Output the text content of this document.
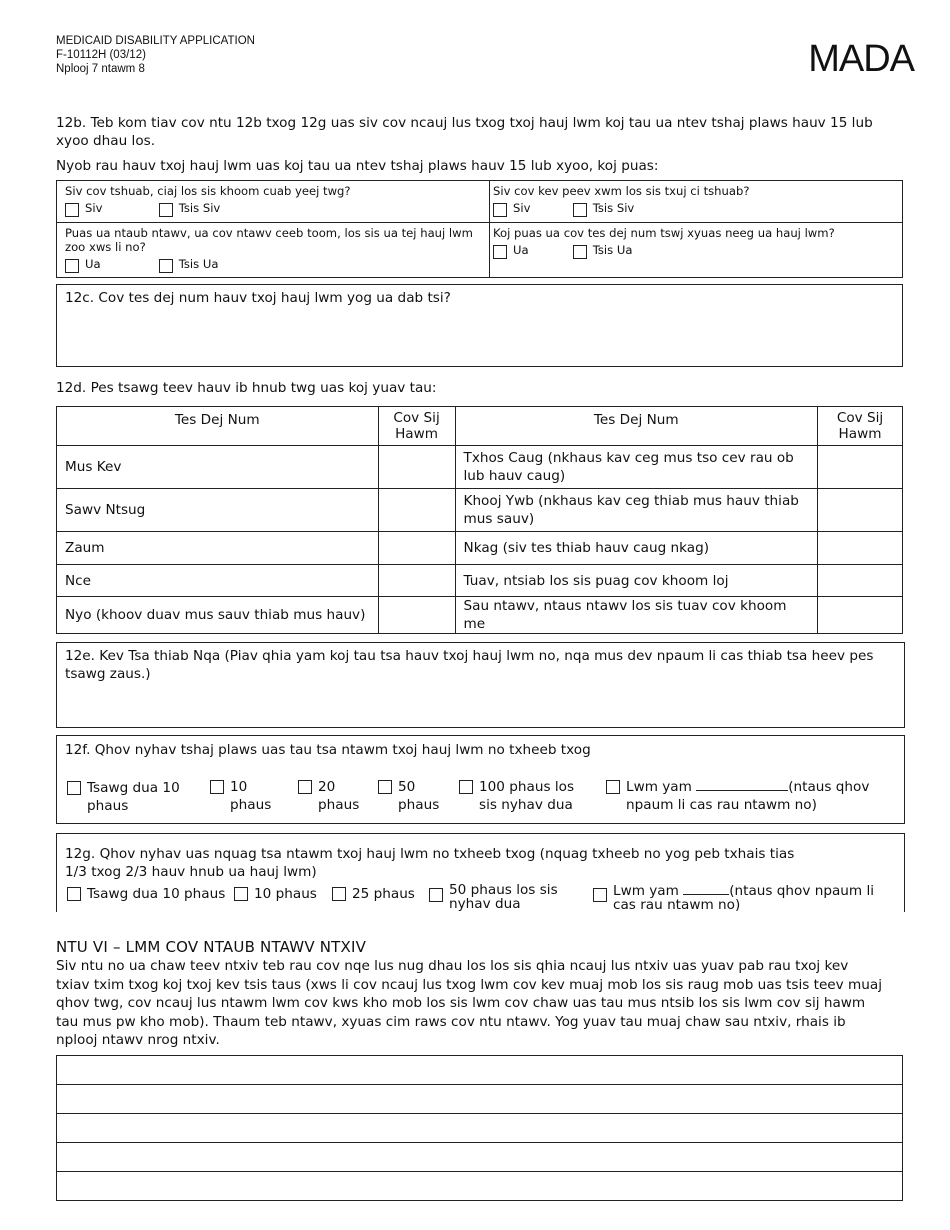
MEDICAID DISABILITY APPLICATION
F-10112H (03/12)
Nplooj 7 ntawm 8	MADA
12b. Teb kom tiav cov ntu 12b txog 12g uas siv cov ncauj lus txog txoj hauj lwm koj tau ua ntev tshaj plaws hauv 15 lub xyoo dhau los.
Nyob rau hauv txoj hauj lwm uas koj tau ua ntev tshaj plaws hauv 15 lub xyoo, koj puas:
Siv cov tshuab, ciaj los sis khoom cuab yeej twg?
Siv
	Tsis Siv
Siv cov kev peev xwm los sis txuj ci tshuab?
Siv
	Tsis Siv
Puas ua ntaub ntawv, ua cov ntawv ceeb toom, los sis ua tej hauj lwm zoo xws li no?
Ua
	Tsis Ua
Koj puas ua cov tes dej num tswj xyuas neeg ua hauj lwm?
Ua
	Tsis Ua
12c. Cov tes dej num hauv txoj hauj lwm yog ua dab tsi?
12d. Pes tsawg teev hauv ib hnub twg uas koj yuav tau:
Tes Dej Num	Cov Sij Hawm	Tes Dej Num	Cov Sij Hawm
Mus Kev		Txhos Caug (nkhaus kav ceg mus tso cev rau ob lub hauv caug)	
Sawv Ntsug		Khooj Ywb (nkhaus kav ceg thiab mus hauv thiab mus sauv)	
Zaum		Nkag (siv tes thiab hauv caug nkag)	
Nce		Tuav, ntsiab los sis puag cov khoom loj	
Nyo (khoov duav mus sauv thiab mus hauv)		Sau ntawv, ntaus ntawv los sis tuav cov khoom me	
12e. Kev Tsa thiab Nqa (Piav qhia yam koj tau tsa hauv txoj hauj lwm no, nqa mus dev npaum li cas thiab tsa heev pes tsawg zaus.)
12f. Qhov nyhav tshaj plaws uas tau tsa ntawm txoj hauj lwm no txheeb txog
Tsawg dua 10 phaus
10 phaus
20 phaus
50 phaus
100 phaus los sis nyhav dua
Lwm yam	(ntaus qhov npaum li cas rau ntawm no)
12g. Qhov nyhav uas nquag tsa ntawm txoj hauj lwm no txheeb txog (nquag txheeb no yog peb txhais tias 1/3 txog 2/3 hauv hnub ua hauj lwm)
Tsawg dua 10 phaus 10 phaus	25 phaus	50 phaus los sis nyhav dua
Lwm yam	(ntaus qhov npaum li cas rau ntawm no)
NTU VI – LMM COV NTAUB NTAWV NTXIV
Siv ntu no ua chaw teev ntxiv teb rau cov nqe lus nug dhau los los sis qhia ncauj lus ntxiv uas yuav pab rau txoj kev txiav txim txog koj txoj kev tsis taus (xws li cov ncauj lus txog lwm cov kev muaj mob los sis raug mob uas tsis teev muaj qhov twg, cov ncauj lus ntawm lwm cov kws kho mob los sis lwm cov chaw uas tau mus ntsib los sis lwm cov sij hawm tau mus pw kho mob). Thaum teb ntawv, xyuas cim raws cov ntu ntawv. Yog yuav tau muaj chaw sau ntxiv, rhais ib nplooj ntawv nrog ntxiv.
